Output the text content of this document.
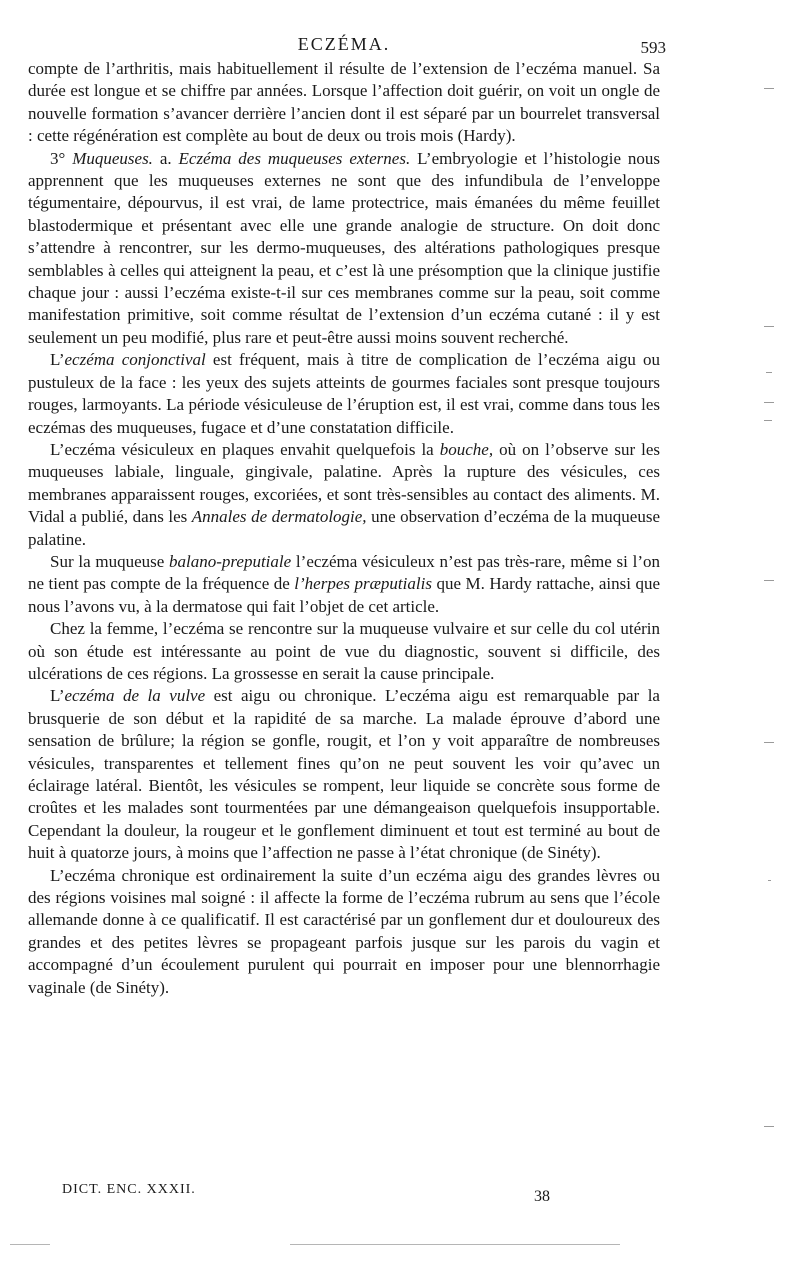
ECZÉMA.	593

compte de l’arthritis, mais habituellement il résulte de l’extension de l’eczéma manuel. Sa durée est longue et se chiffre par années. Lorsque l’affection doit guérir, on voit un ongle de nouvelle formation s’avancer derrière l’ancien dont il est séparé par un bourrelet transversal : cette régénération est complète au bout de deux ou trois mois (Hardy).

3° Muqueuses. a. Eczéma des muqueuses externes. L’embryologie et l’histologie nous apprennent que les muqueuses externes ne sont que des infundibula de l’enveloppe tégumentaire, dépourvus, il est vrai, de lame protectrice, mais émanées du même feuillet blastodermique et présentant avec elle une grande analogie de structure. On doit donc s’attendre à rencontrer, sur les dermo-muqueuses, des altérations pathologiques presque semblables à celles qui atteignent la peau, et c’est là une présomption que la clinique justifie chaque jour : aussi l’eczéma existe-t-il sur ces membranes comme sur la peau, soit comme manifestation primitive, soit comme résultat de l’extension d’un eczéma cutané : il y est seulement un peu modifié, plus rare et peut-être aussi moins souvent recherché.

L’eczéma conjonctival est fréquent, mais à titre de complication de l’eczéma aigu ou pustuleux de la face : les yeux des sujets atteints de gourmes faciales sont presque toujours rouges, larmoyants. La période vésiculeuse de l’éruption est, il est vrai, comme dans tous les eczémas des muqueuses, fugace et d’une constatation difficile.

L’eczéma vésiculeux en plaques envahit quelquefois la bouche, où on l’observe sur les muqueuses labiale, linguale, gingivale, palatine. Après la rupture des vésicules, ces membranes apparaissent rouges, excoriées, et sont très-sensibles au contact des aliments. M. Vidal a publié, dans les Annales de dermatologie, une observation d’eczéma de la muqueuse palatine.

Sur la muqueuse balano-preputiale l’eczéma vésiculeux n’est pas très-rare, même si l’on ne tient pas compte de la fréquence de l’herpes præputialis que M. Hardy rattache, ainsi que nous l’avons vu, à la dermatose qui fait l’objet de cet article.

Chez la femme, l’eczéma se rencontre sur la muqueuse vulvaire et sur celle du col utérin où son étude est intéressante au point de vue du diagnostic, souvent si difficile, des ulcérations de ces régions. La grossesse en serait la cause principale.

L’eczéma de la vulve est aigu ou chronique. L’eczéma aigu est remarquable par la brusquerie de son début et la rapidité de sa marche. La malade éprouve d’abord une sensation de brûlure; la région se gonfle, rougit, et l’on y voit apparaître de nombreuses vésicules, transparentes et tellement fines qu’on ne peut souvent les voir qu’avec un éclairage latéral. Bientôt, les vésicules se rompent, leur liquide se concrète sous forme de croûtes et les malades sont tourmentées par une démangeaison quelquefois insupportable. Cependant la douleur, la rougeur et le gonflement diminuent et tout est terminé au bout de huit à quatorze jours, à moins que l’affection ne passe à l’état chronique (de Sinéty).

L’eczéma chronique est ordinairement la suite d’un eczéma aigu des grandes lèvres ou des régions voisines mal soigné : il affecte la forme de l’eczéma rubrum au sens que l’école allemande donne à ce qualificatif. Il est caractérisé par un gonflement dur et douloureux des grandes et des petites lèvres se propageant parfois jusque sur les parois du vagin et accompagné d’un écoulement purulent qui pourrait en imposer pour une blennorrhagie vaginale (de Sinéty).

DICT. ENC. XXXII.	38
